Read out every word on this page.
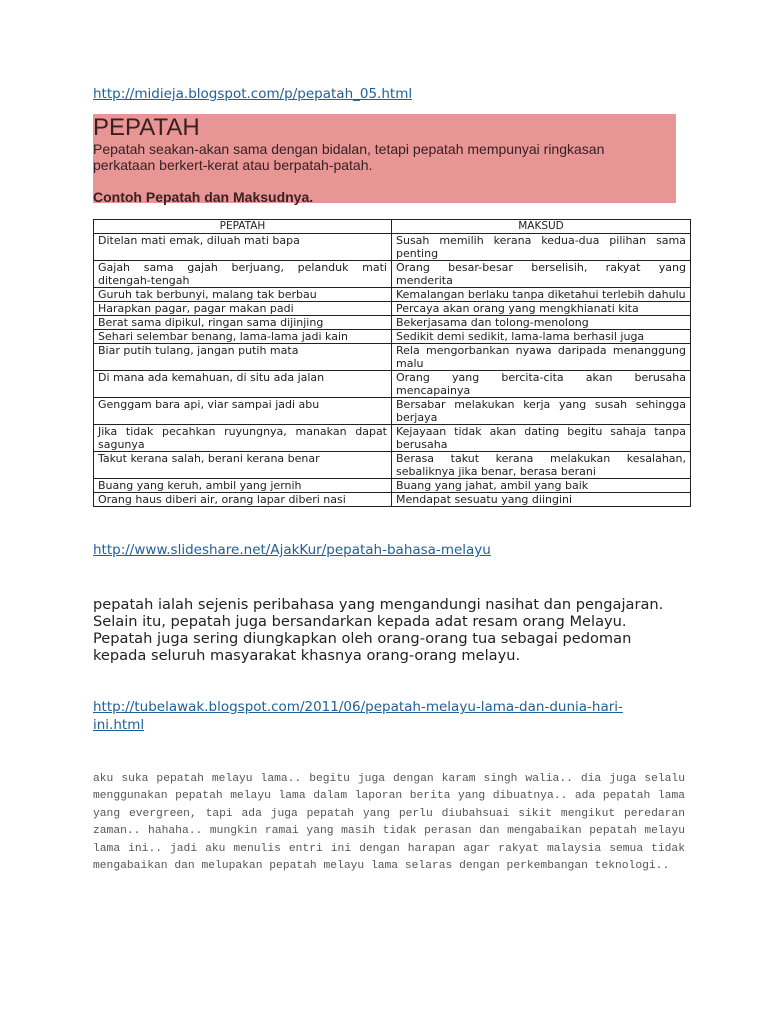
http://midieja.blogspot.com/p/pepatah_05.html
PEPATAH
Pepatah seakan-akan sama dengan bidalan, tetapi pepatah mempunyai ringkasan perkataan berkert-kerat atau berpatah-patah.
Contoh Pepatah dan Maksudnya.
PEPATAH	MAKSUD
Ditelan mati emak, diluah mati bapa	Susah memilih kerana kedua-dua pilihan sama penting
Gajah sama gajah berjuang, pelanduk mati ditengah-tengah	Orang besar-besar berselisih, rakyat yang menderita
Guruh tak berbunyi, malang tak berbau	Kemalangan berlaku tanpa diketahui terlebih dahulu
Harapkan pagar, pagar makan padi	Percaya akan orang yang mengkhianati kita
Berat sama dipikul, ringan sama dijinjing	Bekerjasama dan tolong-menolong
Sehari selembar benang, lama-lama jadi kain	Sedikit demi sedikit, lama-lama berhasil juga
Biar putih tulang, jangan putih mata	Rela mengorbankan nyawa daripada menanggung malu
Di mana ada kemahuan, di situ ada jalan	Orang yang bercita-cita akan berusaha mencapainya
Genggam bara api, viar sampai jadi abu	Bersabar melakukan kerja yang susah sehingga berjaya
Jika tidak pecahkan ruyungnya, manakan dapat sagunya	Kejayaan tidak akan dating begitu sahaja tanpa berusaha
Takut kerana salah, berani kerana benar	Berasa takut kerana melakukan kesalahan, sebaliknya jika benar, berasa berani
Buang yang keruh, ambil yang jernih	Buang yang jahat, ambil yang baik
Orang haus diberi air, orang lapar diberi nasi	Mendapat sesuatu yang diingini
http://www.slideshare.net/AjakKur/pepatah-bahasa-melayu
pepatah ialah sejenis peribahasa yang mengandungi nasihat dan pengajaran. Selain itu, pepatah juga bersandarkan kepada adat resam orang Melayu. Pepatah juga sering diungkapkan oleh orang-orang tua sebagai pedoman kepada seluruh masyarakat khasnya orang-orang melayu.
http://tubelawak.blogspot.com/2011/06/pepatah-melayu-lama-dan-dunia-hari-ini.html
aku suka pepatah melayu lama.. begitu juga dengan karam singh walia.. dia juga selalu menggunakan pepatah melayu lama dalam laporan berita yang dibuatnya.. ada pepatah lama yang evergreen, tapi ada juga pepatah yang perlu diubahsuai sikit mengikut peredaran zaman.. hahaha.. mungkin ramai yang masih tidak perasan dan mengabaikan pepatah melayu lama ini.. jadi aku menulis entri ini dengan harapan agar rakyat malaysia semua tidak mengabaikan dan melupakan pepatah melayu lama selaras dengan perkembangan teknologi..
